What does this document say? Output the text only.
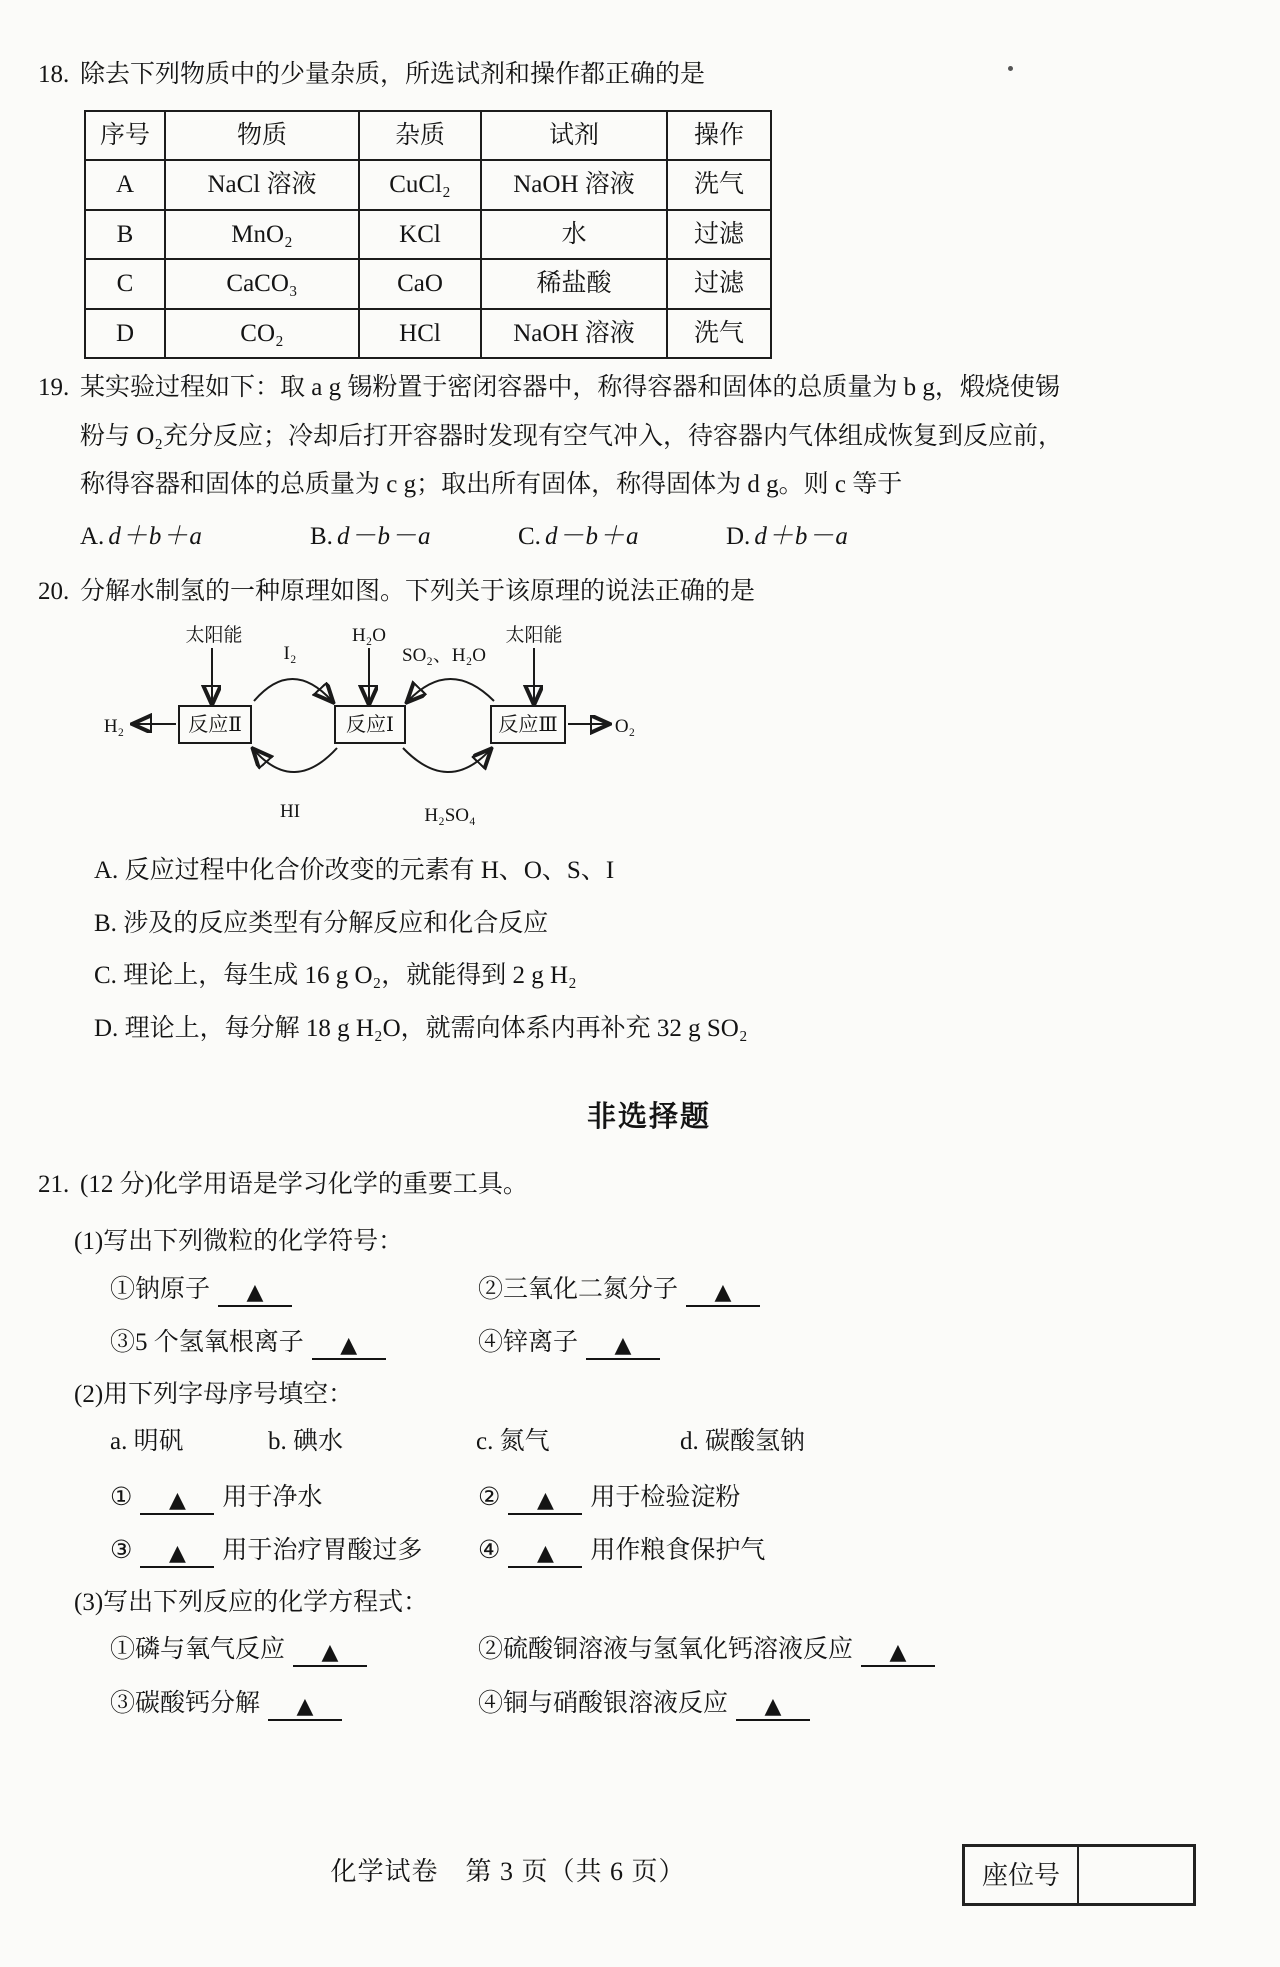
18. 除去下列物质中的少量杂质，所选试剂和操作都正确的是

序号	物质	杂质	试剂	操作
A	NaCl 溶液	CuCl₂	NaOH 溶液	洗气
B	MnO₂	KCl	水	过滤
C	CaCO₃	CaO	稀盐酸	过滤
D	CO₂	HCl	NaOH 溶液	洗气
19. 某实验过程如下：取 a g 锡粉置于密闭容器中，称得容器和固体的总质量为 b g，煅烧使锡

粉与 O₂充分反应；冷却后打开容器时发现有空气冲入，待容器内气体组成恢复到反应前，

称得容器和固体的总质量为 c g；取出所有固体，称得固体为 d g。则 c 等于

A. d＋b＋a	B. d－b－a	C. d－b＋a	D. d＋b－a
20. 分解水制氢的一种原理如图。下列关于该原理的说法正确的是

太阳能	H₂O	太阳能
I₂	SO₂、H₂O
反应Ⅱ	反应Ⅰ	反应Ⅲ
HI	H₂SO₄
H₂	O₂

A. 反应过程中化合价改变的元素有 H、O、S、I

B. 涉及的反应类型有分解反应和化合反应

C. 理论上，每生成 16 g O₂，就能得到 2 g H₂

D. 理论上，每分解 18 g H₂O，就需向体系内再补充 32 g SO₂

非选择题
21. (12 分)化学用语是学习化学的重要工具。

(1)写出下列微粒的化学符号：

①钠原子 ▲	②三氧化二氮分子 ▲
③5 个氢氧根离子 ▲	④锌离子 ▲

(2)用下列字母序号填空：

a. 明矾	b. 碘水	c. 氮气	d. 碳酸氢钠
① ▲ 用于净水	② ▲ 用于检验淀粉
③ ▲ 用于治疗胃酸过多	④ ▲ 用作粮食保护气

(3)写出下列反应的化学方程式：

①磷与氧气反应 ▲	②硫酸铜溶液与氢氧化钙溶液反应 ▲
③碳酸钙分解 ▲	④铜与硝酸银溶液反应 ▲
化学试卷　第 3 页（共 6 页）	座位号
